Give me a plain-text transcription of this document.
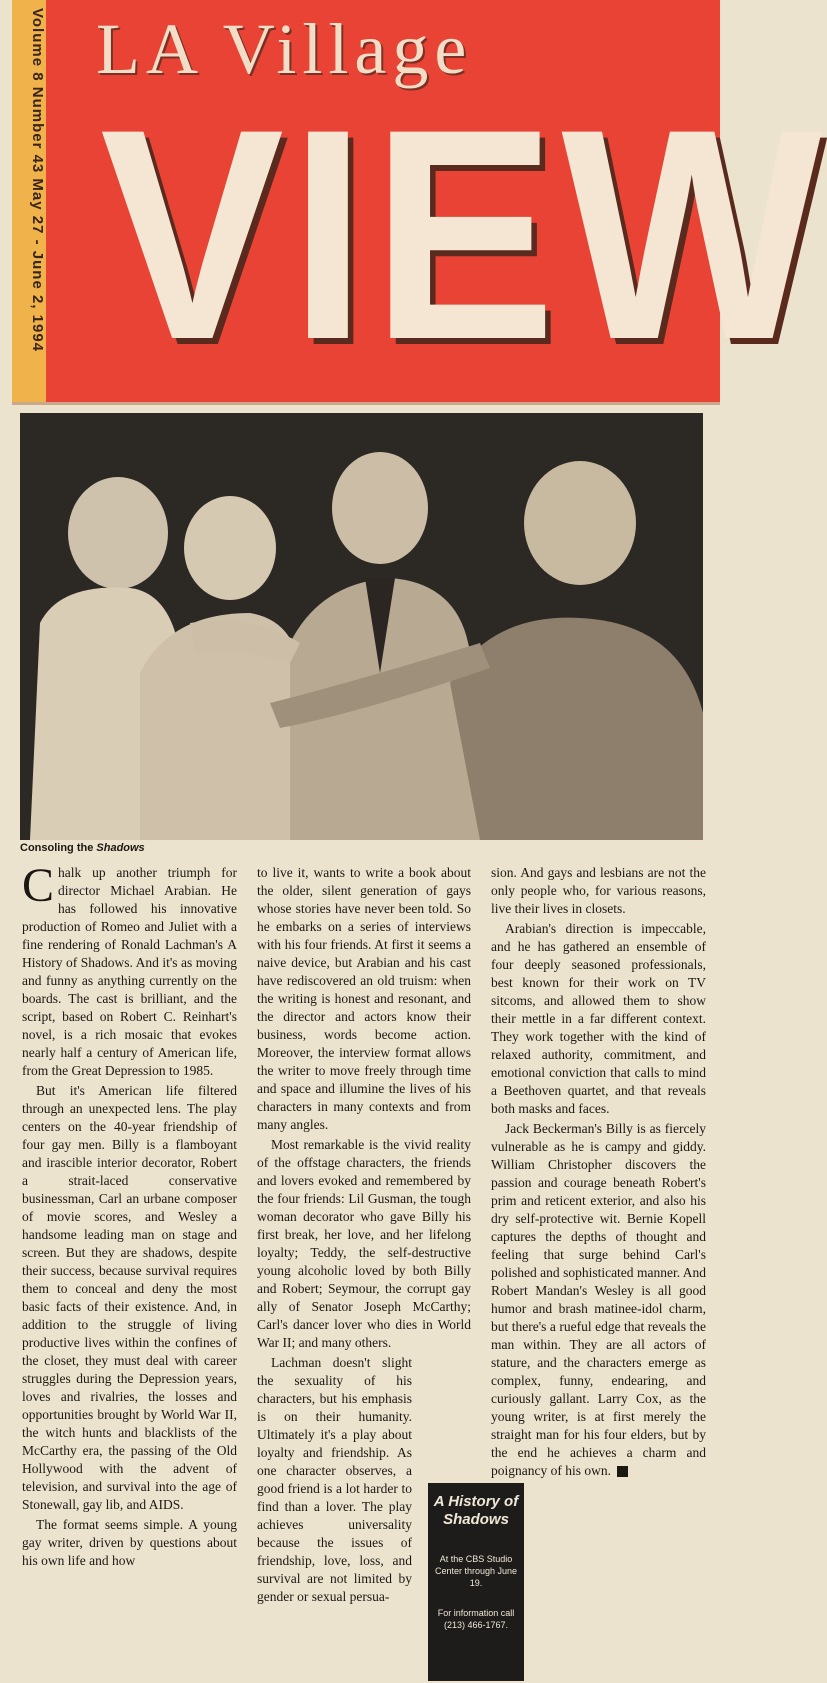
Volume 8 Number 43 May 27 - June 2, 1994 LA Village
VIEW
Consoling the Shadows

Chalk up another triumph for director Michael Arabian. He has followed his innovative production of Romeo and Juliet with a fine rendering of Ronald Lachman's A History of Shadows. And it's as moving and funny as anything currently on the boards. The cast is brilliant, and the script, based on Robert C. Reinhart's novel, is a rich mosaic that evokes nearly half a century of American life, from the Great Depression to 1985.

But it's American life filtered through an unexpected lens. The play centers on the 40-year friendship of four gay men. Billy is a flamboyant and irascible interior decorator, Robert a strait-laced conservative businessman, Carl an urbane composer of movie scores, and Wesley a handsome leading man on stage and screen. But they are shadows, despite their success, because survival requires them to conceal and deny the most basic facts of their existence. And, in addition to the struggle of living productive lives within the confines of the closet, they must deal with career struggles during the Depression years, loves and rivalries, the losses and opportunities brought by World War II, the witch hunts and blacklists of the McCarthy era, the passing of the Old Hollywood with the advent of television, and survival into the age of Stonewall, gay lib, and AIDS.

The format seems simple. A young gay writer, driven by questions about his own life and how

to live it, wants to write a book about the older, silent generation of gays whose stories have never been told. So he embarks on a series of interviews with his four friends. At first it seems a naive device, but Arabian and his cast have rediscovered an old truism: when the writing is honest and resonant, and the director and actors know their business, words become action. Moreover, the interview format allows the writer to move freely through time and space and illumine the lives of his characters in many contexts and from many angles.

Most remarkable is the vivid reality of the offstage characters, the friends and lovers evoked and remembered by the four friends: Lil Gusman, the tough woman decorator who gave Billy his first break, her love, and her lifelong loyalty; Teddy, the self-destructive young alcoholic loved by both Billy and Robert; Seymour, the corrupt gay ally of Senator Joseph McCarthy; Carl's dancer lover who dies in World War II; and many others.

Lachman doesn't slight the sexuality of his characters, but his emphasis is on their humanity. Ultimately it's a play about loyalty and friendship. As one character observes, a good friend is a lot harder to find than a lover. The play achieves universality because the issues of friendship, love, loss, and survival are not limited by gender or sexual persua-

sion. And gays and lesbians are not the only people who, for various reasons, live their lives in closets.

Arabian's direction is impeccable, and he has gathered an ensemble of four deeply seasoned professionals, best known for their work on TV sitcoms, and allowed them to show their mettle in a far different context. They work together with the kind of relaxed authority, commitment, and emotional conviction that calls to mind a Beethoven quartet, and that reveals both masks and faces.

Jack Beckerman's Billy is as fiercely vulnerable as he is campy and giddy. William Christopher discovers the passion and courage beneath Robert's prim and reticent exterior, and also his dry self-protective wit. Bernie Kopell captures the depths of thought and feeling that surge behind Carl's polished and sophisticated manner. And Robert Mandan's Wesley is all good humor and brash matinee-idol charm, but there's a rueful edge that reveals the man within. They are all actors of stature, and the characters emerge as complex, funny, endearing, and curiously gallant. Larry Cox, as the young writer, is at first merely the straight man for his four elders, but by the end he achieves a charm and poignancy of his own.

A History of Shadows
At the CBS Studio Center through June 19.
For information call (213) 466-1767.
